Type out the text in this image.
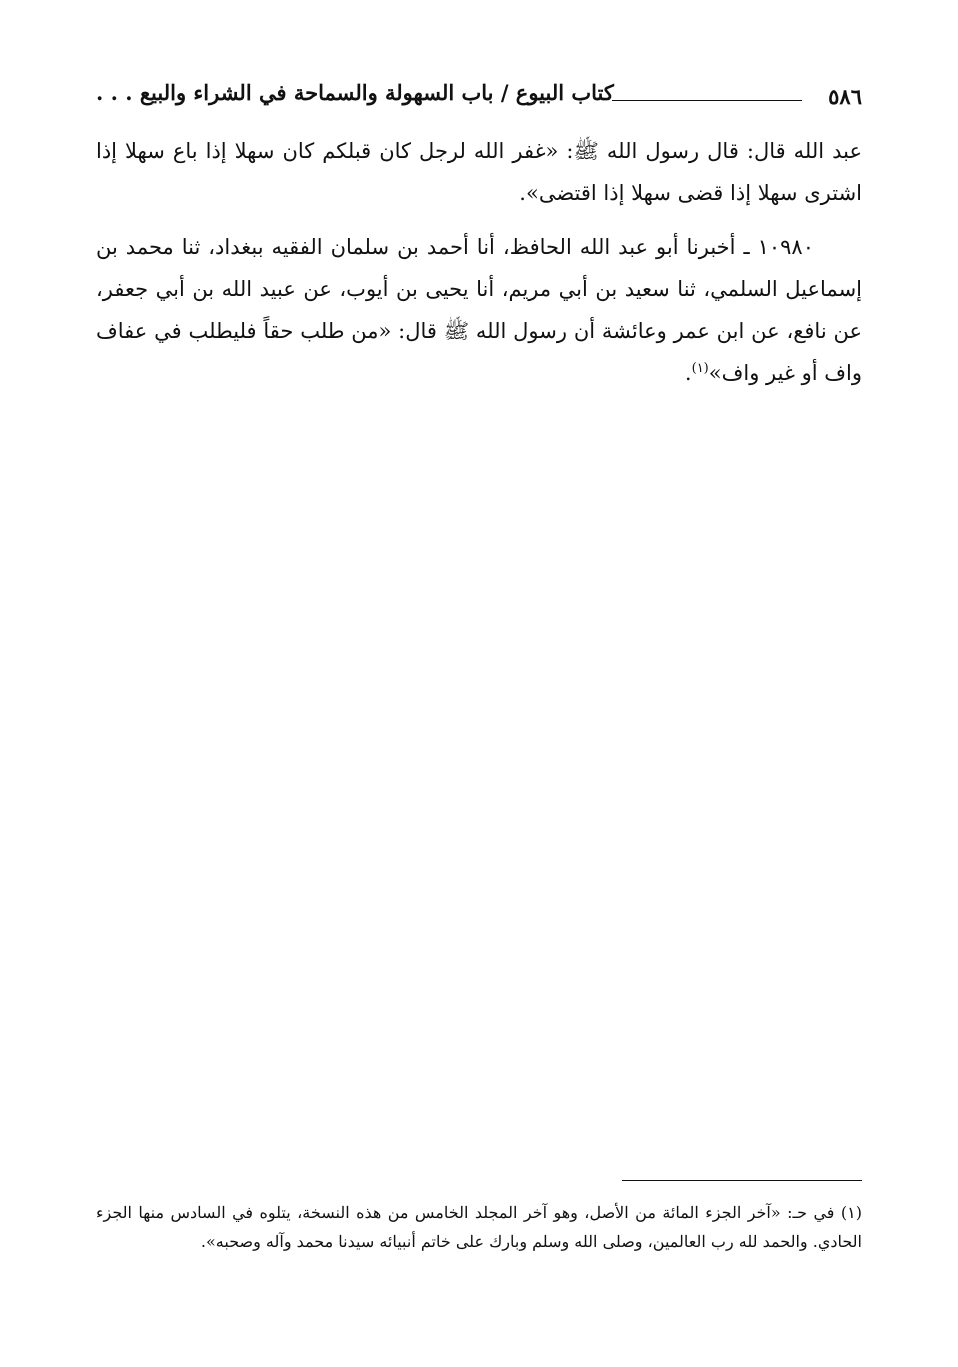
٥٨٦
كتاب البيوع / باب السهولة والسماحة في الشراء والبيع . . .

عبد الله قال: قال رسول الله ﷺ: «غفر الله لرجل كان قبلكم كان سهلا إذا باع سهلا إذا اشترى سهلا إذا قضى سهلا إذا اقتضى».

١٠٩٨٠ ـ أخبرنا أبو عبد الله الحافظ، أنا أحمد بن سلمان الفقيه ببغداد، ثنا محمد بن إسماعيل السلمي، ثنا سعيد بن أبي مريم، أنا يحيى بن أيوب، عن عبيد الله بن أبي جعفر، عن نافع، عن ابن عمر وعائشة أن رسول الله ﷺ قال: «من طلب حقاً فليطلب في عفاف واف أو غير واف»$^{(١)}$.

(١) في حـ: «آخر الجزء المائة من الأصل، وهو آخر المجلد الخامس من هذه النسخة، يتلوه في السادس منها الجزء الحادي. والحمد لله رب العالمين، وصلى الله وسلم وبارك على خاتم أنبيائه سيدنا محمد وآله وصحبه».
